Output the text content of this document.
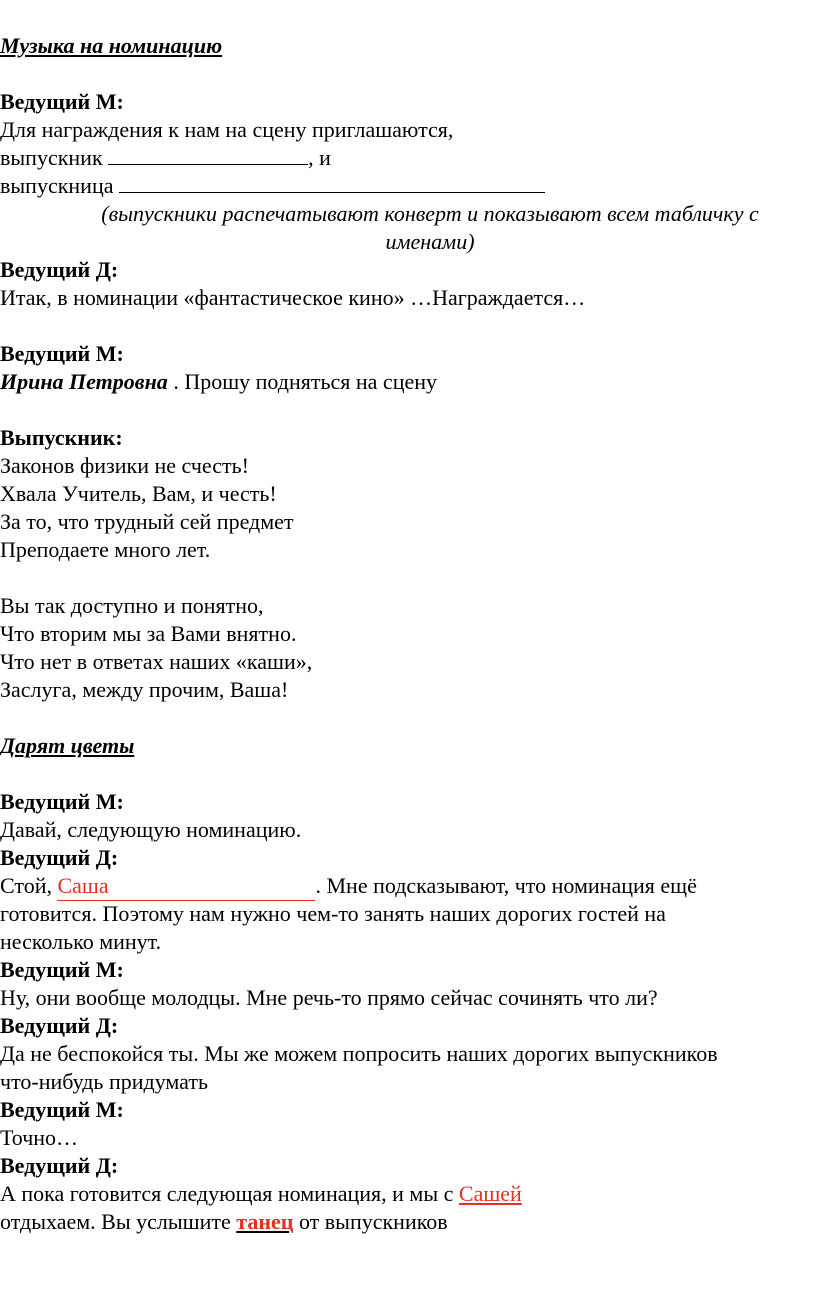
Музыка на номинацию
Ведущий М:
Для награждения к нам на сцену приглашаются,
выпускник	, и
выпускница
(выпускники распечатывают конверт и показывают всем табличку с именами)
Ведущий Д:
Итак, в номинации «фантастическое кино» …Награждается…
Ведущий М:
Ирина Петровна . Прошу подняться на сцену
Выпускник:
Законов физики не счесть!
Хвала Учитель, Вам, и честь!
За то, что трудный сей предмет
Преподаете много лет.
Вы так доступно и понятно,
Что вторим мы за Вами внятно.
Что нет в ответах наших «каши»,
Заслуга, между прочим, Ваша!
Дарят цветы
Ведущий М:
Давай, следующую номинацию.
Ведущий Д:
Стой, Саша	. Мне подсказывают, что номинация ещё
готовится. Поэтому нам нужно чем-то занять наших дорогих гостей на
несколько минут.
Ведущий М:
Ну, они вообще молодцы. Мне речь-то прямо сейчас сочинять что ли?
Ведущий Д:
Да не беспокойся ты. Мы же можем попросить наших дорогих выпускников
что-нибудь придумать
Ведущий М:
Точно…
Ведущий Д:
А пока готовится следующая номинация, и мы с Сашей
отдыхаем. Вы услышите танец от выпускников
